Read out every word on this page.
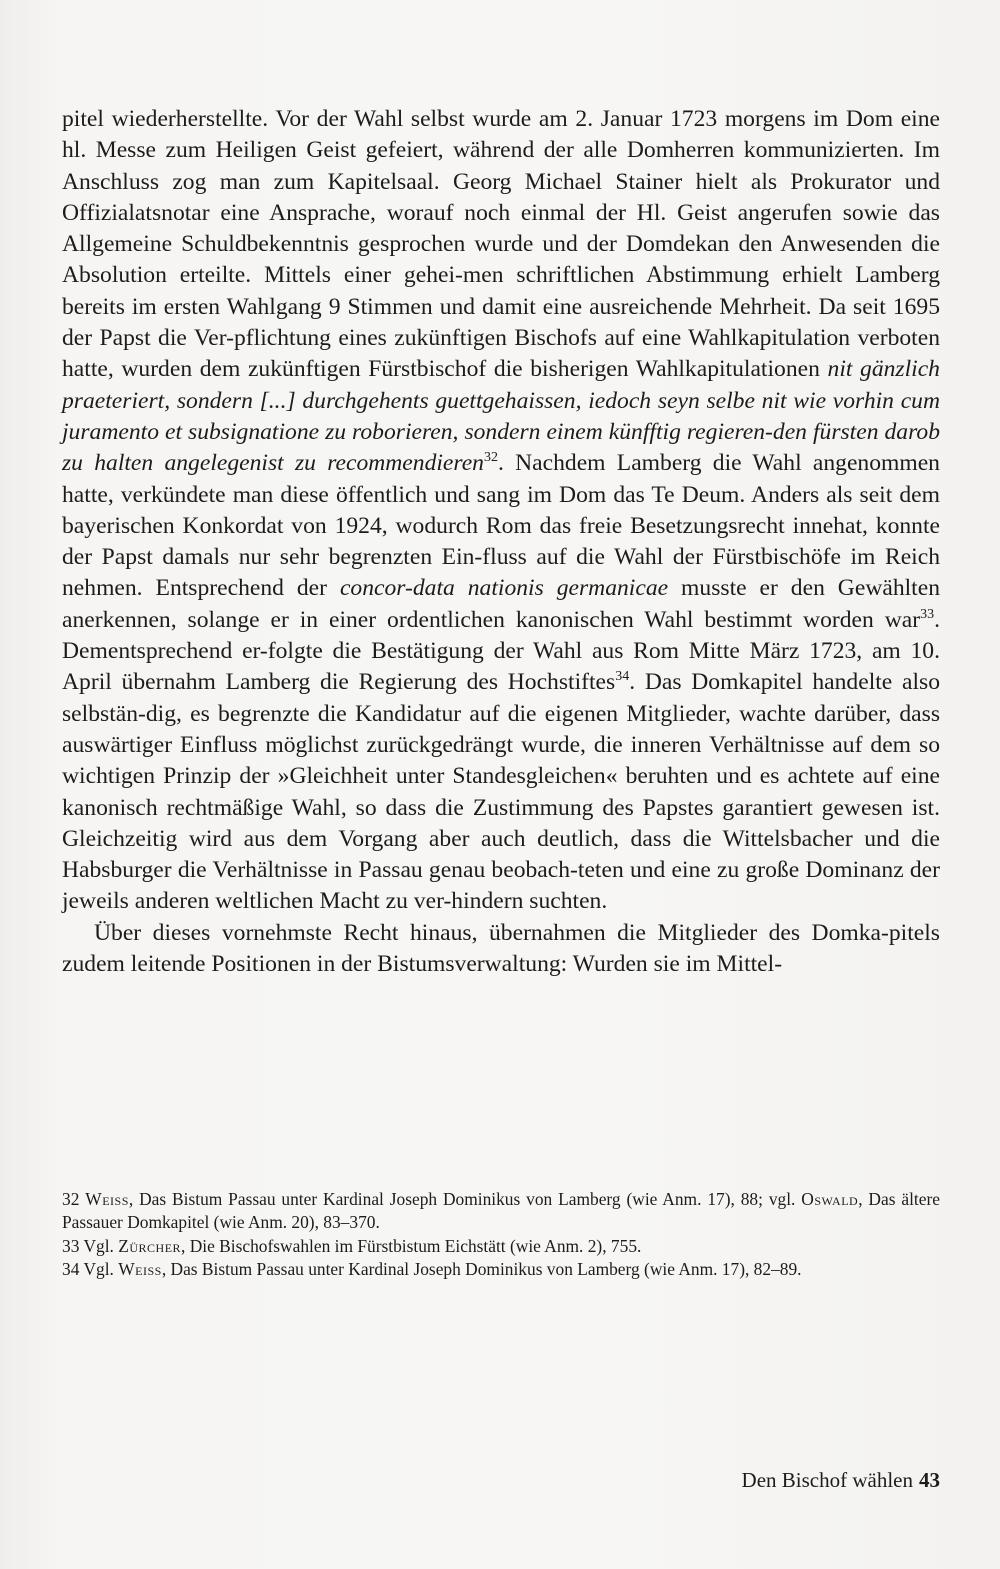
pitel wiederherstellte. Vor der Wahl selbst wurde am 2. Januar 1723 morgens im Dom eine hl. Messe zum Heiligen Geist gefeiert, während der alle Domherren kommunizierten. Im Anschluss zog man zum Kapitelsaal. Georg Michael Stainer hielt als Prokurator und Offizialatsnotar eine Ansprache, worauf noch einmal der Hl. Geist angerufen sowie das Allgemeine Schuldbekenntnis gesprochen wurde und der Domdekan den Anwesenden die Absolution erteilte. Mittels einer gehei-men schriftlichen Abstimmung erhielt Lamberg bereits im ersten Wahlgang 9 Stimmen und damit eine ausreichende Mehrheit. Da seit 1695 der Papst die Ver-pflichtung eines zukünftigen Bischofs auf eine Wahlkapitulation verboten hatte, wurden dem zukünftigen Fürstbischof die bisherigen Wahlkapitulationen nit gänzlich praeteriert, sondern [...] durchgehents guettgehaissen, iedoch seyn selbe nit wie vorhin cum juramento et subsignatione zu roborieren, sondern einem künfftig regieren-den fürsten darob zu halten angelegenist zu recommendieren$^{32}$. Nachdem Lamberg die Wahl angenommen hatte, verkündete man diese öffentlich und sang im Dom das Te Deum. Anders als seit dem bayerischen Konkordat von 1924, wodurch Rom das freie Besetzungsrecht innehat, konnte der Papst damals nur sehr begrenzten Ein-fluss auf die Wahl der Fürstbischöfe im Reich nehmen. Entsprechend der concor-data nationis germanicae musste er den Gewählten anerkennen, solange er in einer ordentlichen kanonischen Wahl bestimmt worden war$^{33}$. Dementsprechend er-folgte die Bestätigung der Wahl aus Rom Mitte März 1723, am 10. April übernahm Lamberg die Regierung des Hochstiftes$^{34}$. Das Domkapitel handelte also selbstän-dig, es begrenzte die Kandidatur auf die eigenen Mitglieder, wachte darüber, dass auswärtiger Einfluss möglichst zurückgedrängt wurde, die inneren Verhältnisse auf dem so wichtigen Prinzip der »Gleichheit unter Standesgleichen« beruhten und es achtete auf eine kanonisch rechtmäßige Wahl, so dass die Zustimmung des Papstes garantiert gewesen ist. Gleichzeitig wird aus dem Vorgang aber auch deutlich, dass die Wittelsbacher und die Habsburger die Verhältnisse in Passau genau beobach-teten und eine zu große Dominanz der jeweils anderen weltlichen Macht zu ver-hindern suchten.

Über dieses vornehmste Recht hinaus, übernahmen die Mitglieder des Domka-pitels zudem leitende Positionen in der Bistumsverwaltung: Wurden sie im Mittel-

32 Weiss, Das Bistum Passau unter Kardinal Joseph Dominikus von Lamberg (wie Anm. 17), 88; vgl. Oswald, Das ältere Passauer Domkapitel (wie Anm. 20), 83–370.

33 Vgl. Zürcher, Die Bischofswahlen im Fürstbistum Eichstätt (wie Anm. 2), 755.

34 Vgl. Weiss, Das Bistum Passau unter Kardinal Joseph Dominikus von Lamberg (wie Anm. 17), 82–89.

Den Bischof wählen 43
